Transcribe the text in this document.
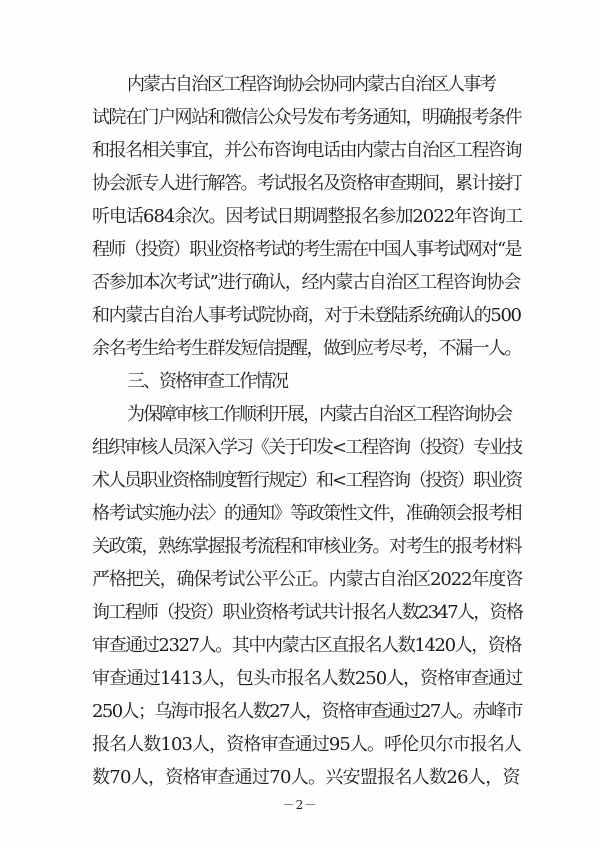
内蒙古自治区工程咨询协会协同内蒙古自治区人事考
试院在门户网站和微信公众号发布考务通知，明确报考条件
和报名相关事宜，并公布咨询电话由内蒙古自治区工程咨询
协会派专人进行解答。考试报名及资格审查期间，累计接打
听电话684余次。因考试日期调整报名参加2022年咨询工
程师（投资）职业资格考试的考生需在中国人事考试网对“是
否参加本次考试”进行确认，经内蒙古自治区工程咨询协会
和内蒙古自治人事考试院协商，对于未登陆系统确认的500
余名考生给考生群发短信提醒，做到应考尽考，不漏一人。
三、资格审查工作情况
为保障审核工作顺利开展，内蒙古自治区工程咨询协会
组织审核人员深入学习《关于印发<工程咨询（投资）专业技
术人员职业资格制度暂行规定）和<工程咨询（投资）职业资
格考试实施办法〉的通知》等政策性文件，准确领会报考相
关政策，熟练掌握报考流程和审核业务。对考生的报考材料
严格把关，确保考试公平公正。内蒙古自治区2022年度咨
询工程师（投资）职业资格考试共计报名人数2347人，资格
审查通过2327人。其中内蒙古区直报名人数1420人，资格
审查通过1413人，包头市报名人数250人，资格审查通过
250人；乌海市报名人数27人，资格审查通过27人。赤峰市
报名人数103人，资格审查通过95人。呼伦贝尔市报名人
数70人，资格审查通过70人。兴安盟报名人数26人，资
－2－
